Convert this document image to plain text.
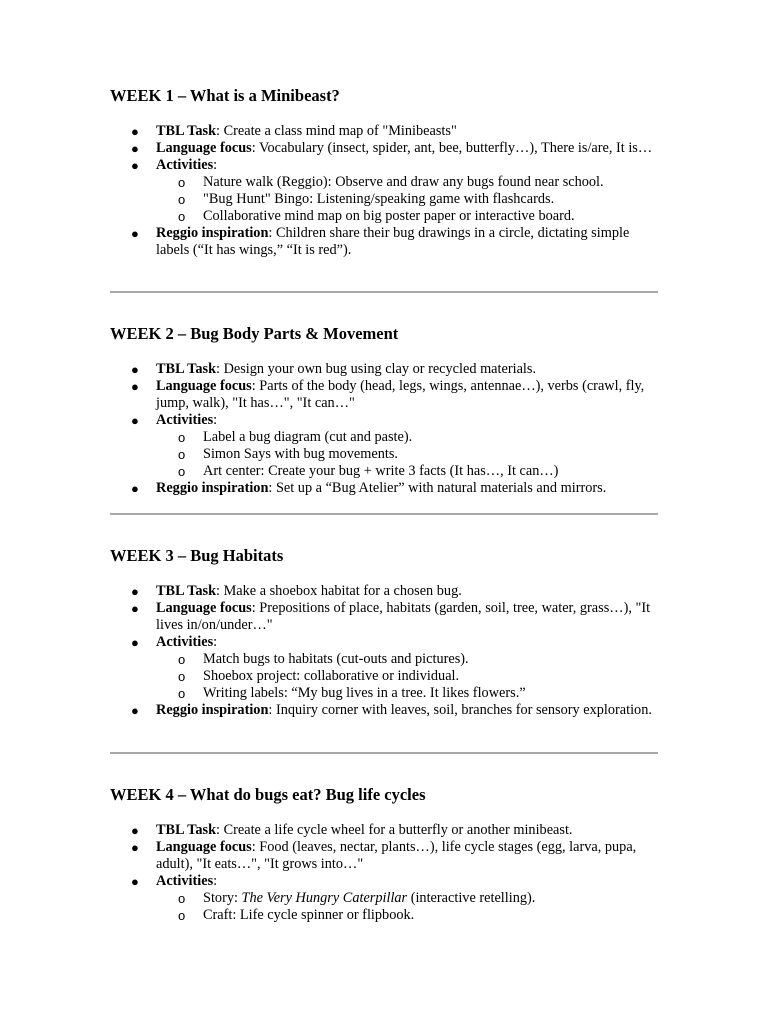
WEEK 1 – What is a Minibeast?
● TBL Task: Create a class mind map of "Minibeasts"
● Language focus: Vocabulary (insect, spider, ant, bee, butterfly…), There is/are, It is…
● Activities:
o Nature walk (Reggio): Observe and draw any bugs found near school.
o "Bug Hunt" Bingo: Listening/speaking game with flashcards.
o Collaborative mind map on big poster paper or interactive board.
● Reggio inspiration: Children share their bug drawings in a circle, dictating simple labels (“It has wings,” “It is red”).
WEEK 2 – Bug Body Parts & Movement
● TBL Task: Design your own bug using clay or recycled materials.
● Language focus: Parts of the body (head, legs, wings, antennae…), verbs (crawl, fly, jump, walk), "It has…", "It can…"
● Activities:
o Label a bug diagram (cut and paste).
o Simon Says with bug movements.
o Art center: Create your bug + write 3 facts (It has…, It can…)
● Reggio inspiration: Set up a “Bug Atelier” with natural materials and mirrors.
WEEK 3 – Bug Habitats
● TBL Task: Make a shoebox habitat for a chosen bug.
● Language focus: Prepositions of place, habitats (garden, soil, tree, water, grass…), "It lives in/on/under…"
● Activities:
o Match bugs to habitats (cut-outs and pictures).
o Shoebox project: collaborative or individual.
o Writing labels: “My bug lives in a tree. It likes flowers.”
● Reggio inspiration: Inquiry corner with leaves, soil, branches for sensory exploration.
WEEK 4 – What do bugs eat? Bug life cycles
● TBL Task: Create a life cycle wheel for a butterfly or another minibeast.
● Language focus: Food (leaves, nectar, plants…), life cycle stages (egg, larva, pupa, adult), "It eats…", "It grows into…"
● Activities:
o Story: The Very Hungry Caterpillar (interactive retelling).
o Craft: Life cycle spinner or flipbook.
